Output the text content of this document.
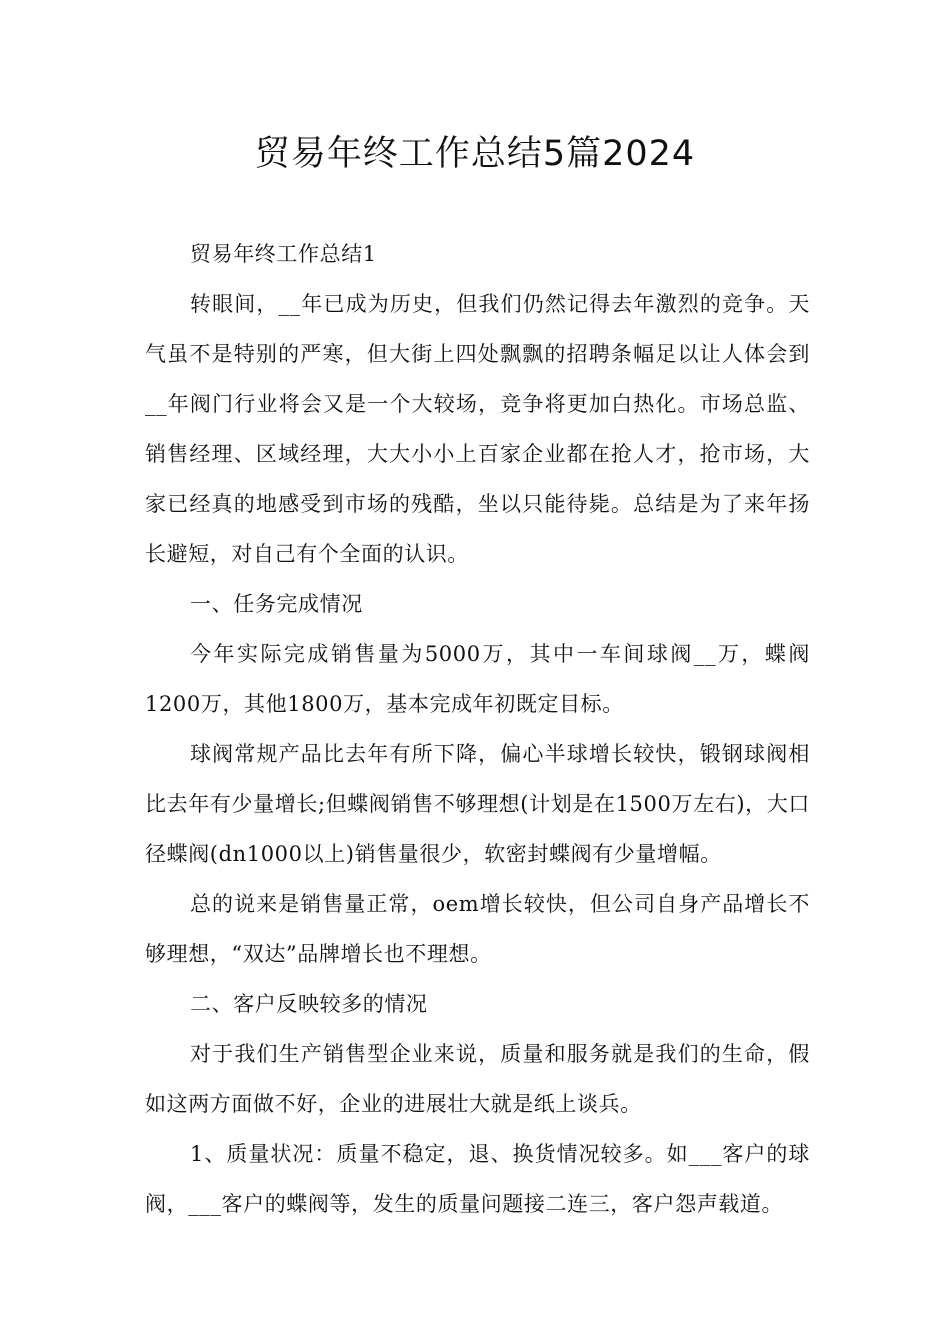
贸易年终工作总结5篇2024

贸易年终工作总结1

转眼间，__年已成为历史，但我们仍然记得去年激烈的竞争。天气虽不是特别的严寒，但大街上四处飘飘的招聘条幅足以让人体会到__年阀门行业将会又是一个大较场，竞争将更加白热化。市场总监、销售经理、区域经理，大大小小上百家企业都在抢人才，抢市场，大家已经真的地感受到市场的残酷，坐以只能待毙。总结是为了来年扬长避短，对自己有个全面的认识。

一、任务完成情况

今年实际完成销售量为5000万，其中一车间球阀__万，蝶阀1200万，其他1800万，基本完成年初既定目标。

球阀常规产品比去年有所下降，偏心半球增长较快，锻钢球阀相比去年有少量增长;但蝶阀销售不够理想(计划是在1500万左右)，大口径蝶阀(dn1000以上)销售量很少，软密封蝶阀有少量增幅。

总的说来是销售量正常，oem增长较快，但公司自身产品增长不够理想，“双达”品牌增长也不理想。

二、客户反映较多的情况

对于我们生产销售型企业来说，质量和服务就是我们的生命，假如这两方面做不好，企业的进展壮大就是纸上谈兵。

1、质量状况：质量不稳定，退、换货情况较多。如___客户的球阀，___客户的蝶阀等，发生的质量问题接二连三，客户怨声载道。
